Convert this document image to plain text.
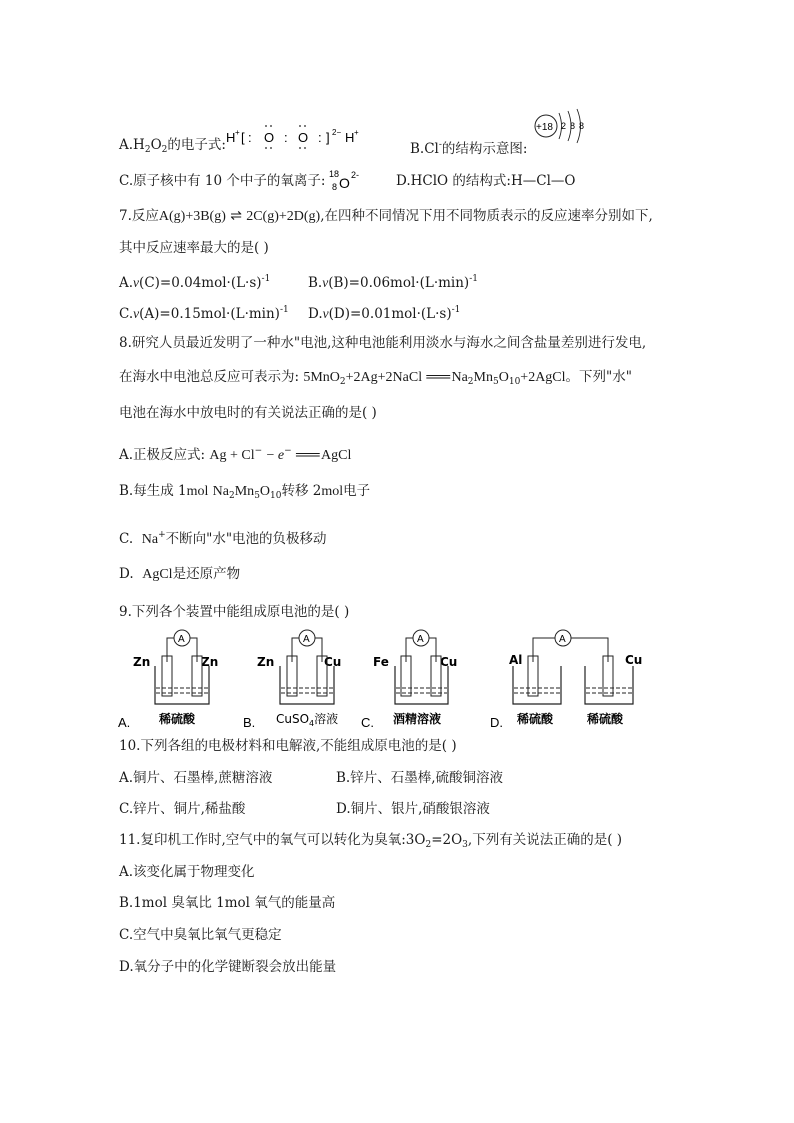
$A.H_2O_2$的电子式: H + [ : O : O : ] 2− H +
B.Cl-的结构示意图:
+18 2 8 8
C.原子核中有 10 个中子的氧离子: 18
8 O 2-	D.HClO 的结构式:H—Cl—O
7.反应A(g)+3B(g) ⇌ 2C(g)+2D(g),在四种不同情况下用不同物质表示的反应速率分别如下,
其中反应速率最大的是( )
$A.v(C)=0.04mol\cdot(L\cdot s)^{-1}$	$B.v(B)=0.06mol\cdot(L\cdot\min)^{-1}$
$C.v(A)=0.15mol\cdot(L\cdot\min)^{-1}$ $D.v(D)=0.01mol\cdot(L\cdot s)^{-1}$
8.研究人员最近发明了一种水"电池,这种电池能利用淡水与海水之间含盐量差别进行发电,
在海水中电池总反应可表示为: 5MnO$_2$+2Ag+2NaCl ═══ $Na_2Mn_5O_{10}+2AgCl$。下列"水"
电池在海水中放电时的有关说法正确的是( )
A.正极反应式: Ag + Cl− − e− ═══ AgCl
B.每生成 1mol $Na_2Mn_5O_{10}$转移 2mol电子
C. Na+不断向"水"电池的负极移动
D. AgCl是还原产物
9.下列各个装置中能组成原电池的是( )
A.
A
Zn	Zn
稀硫酸	B.
A
Zn	Cu
CuSO$_4$溶液 C.
A
Fe	Cu
酒精溶液	D.
A
Al	Cu
稀硫酸	稀硫酸
10.下列各组的电极材料和电解液,不能组成原电池的是( )
A.铜片、石墨棒,蔗糖溶液	B.锌片、石墨棒,硫酸铜溶液
C.锌片、铜片,稀盐酸	D.铜片、银片,硝酸银溶液
11.复印机工作时,空气中的氧气可以转化为臭氧$:3O_2=2O_3$,下列有关说法正确的是( )
A.该变化属于物理变化
B.1mol 臭氧比 1mol 氧气的能量高
C.空气中臭氧比氧气更稳定
D.氧分子中的化学键断裂会放出能量
